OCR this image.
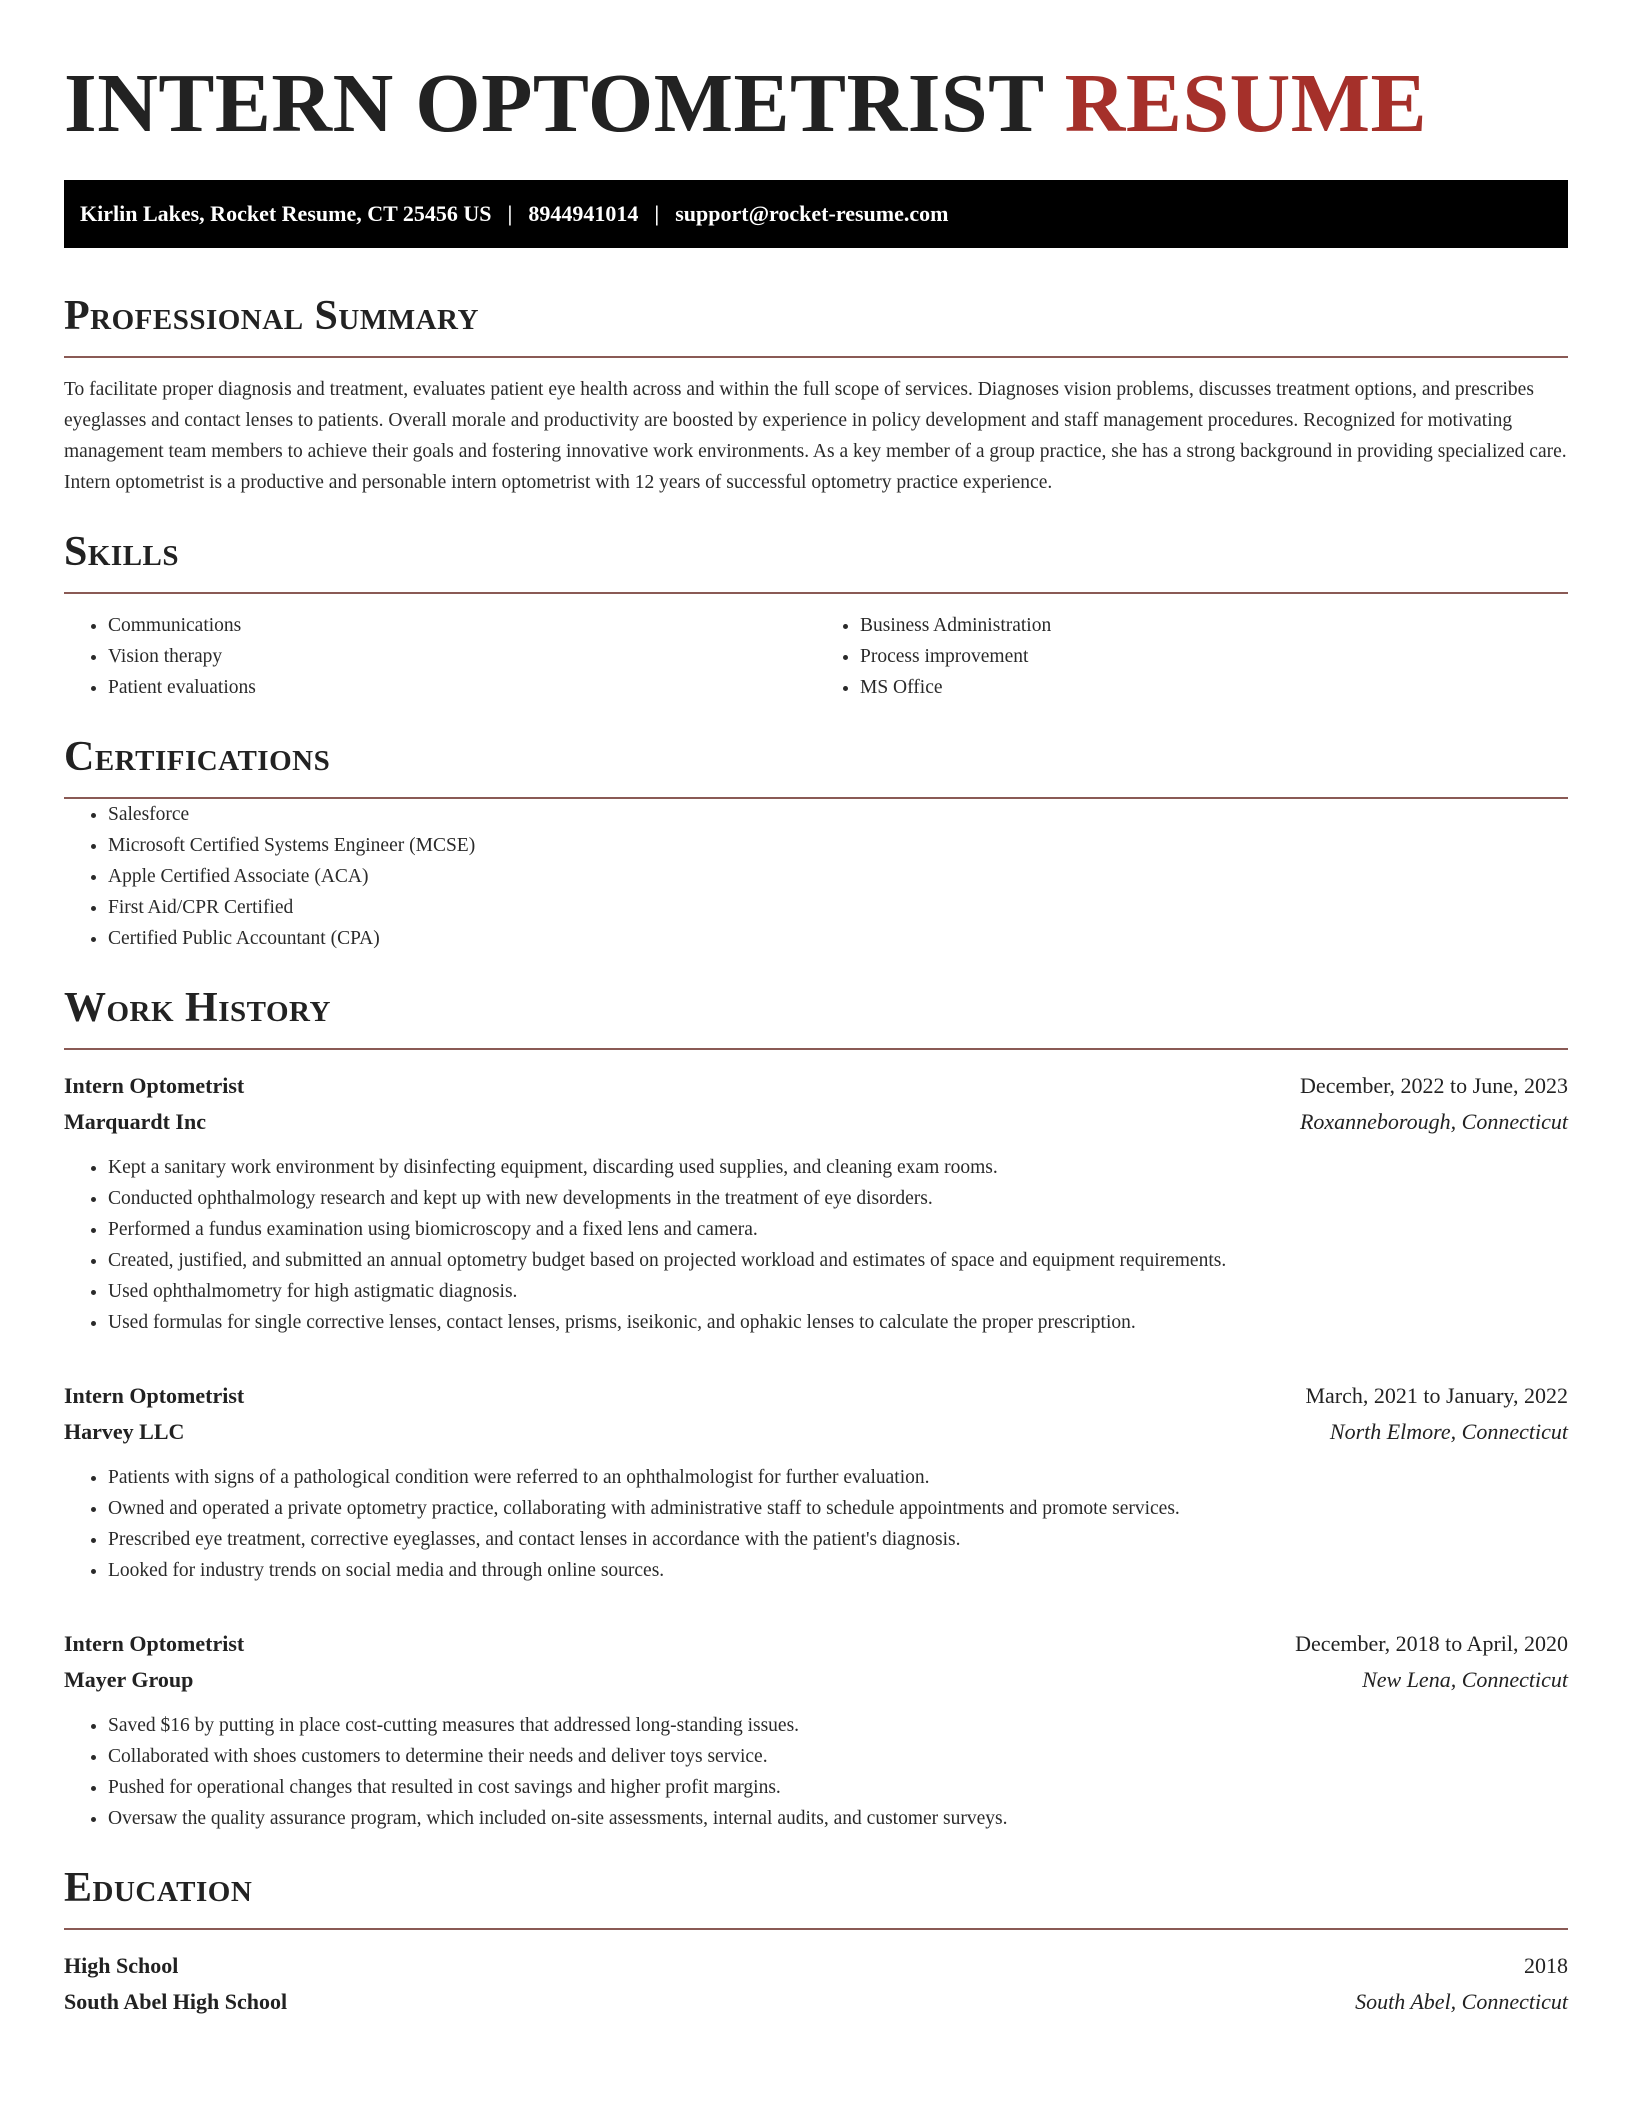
INTERN OPTOMETRIST RESUME
Kirlin Lakes, Rocket Resume, CT 25456 US | 8944941014 | support@rocket-resume.com
Professional Summary

To facilitate proper diagnosis and treatment, evaluates patient eye health across and within the full scope of services. Diagnoses vision problems, discusses treatment options, and prescribes eyeglasses and contact lenses to patients. Overall morale and productivity are boosted by experience in policy development and staff management procedures. Recognized for motivating management team members to achieve their goals and fostering innovative work environments. As a key member of a group practice, she has a strong background in providing specialized care. Intern optometrist is a productive and personable intern optometrist with 12 years of successful optometry practice experience.

Skills
• Communications
• Vision therapy
• Patient evaluations
• Business Administration
• Process improvement
• MS Office
Certifications
• Salesforce
• Microsoft Certified Systems Engineer (MCSE)
• Apple Certified Associate (ACA)
• First Aid/CPR Certified
• Certified Public Accountant (CPA)
Work History
Intern Optometrist	December, 2022 to June, 2023
Marquardt Inc	Roxanneborough, Connecticut
• Kept a sanitary work environment by disinfecting equipment, discarding used supplies, and cleaning exam rooms.
• Conducted ophthalmology research and kept up with new developments in the treatment of eye disorders.
• Performed a fundus examination using biomicroscopy and a fixed lens and camera.
• Created, justified, and submitted an annual optometry budget based on projected workload and estimates of space and equipment requirements.
• Used ophthalmometry for high astigmatic diagnosis.
• Used formulas for single corrective lenses, contact lenses, prisms, iseikonic, and ophakic lenses to calculate the proper prescription.
Intern Optometrist	March, 2021 to January, 2022
Harvey LLC	North Elmore, Connecticut
• Patients with signs of a pathological condition were referred to an ophthalmologist for further evaluation.
• Owned and operated a private optometry practice, collaborating with administrative staff to schedule appointments and promote services.
• Prescribed eye treatment, corrective eyeglasses, and contact lenses in accordance with the patient's diagnosis.
• Looked for industry trends on social media and through online sources.
Intern Optometrist	December, 2018 to April, 2020
Mayer Group	New Lena, Connecticut
• Saved $16 by putting in place cost-cutting measures that addressed long-standing issues.
• Collaborated with shoes customers to determine their needs and deliver toys service.
• Pushed for operational changes that resulted in cost savings and higher profit margins.
• Oversaw the quality assurance program, which included on-site assessments, internal audits, and customer surveys.
Education
High School	2018
South Abel High School	South Abel, Connecticut
